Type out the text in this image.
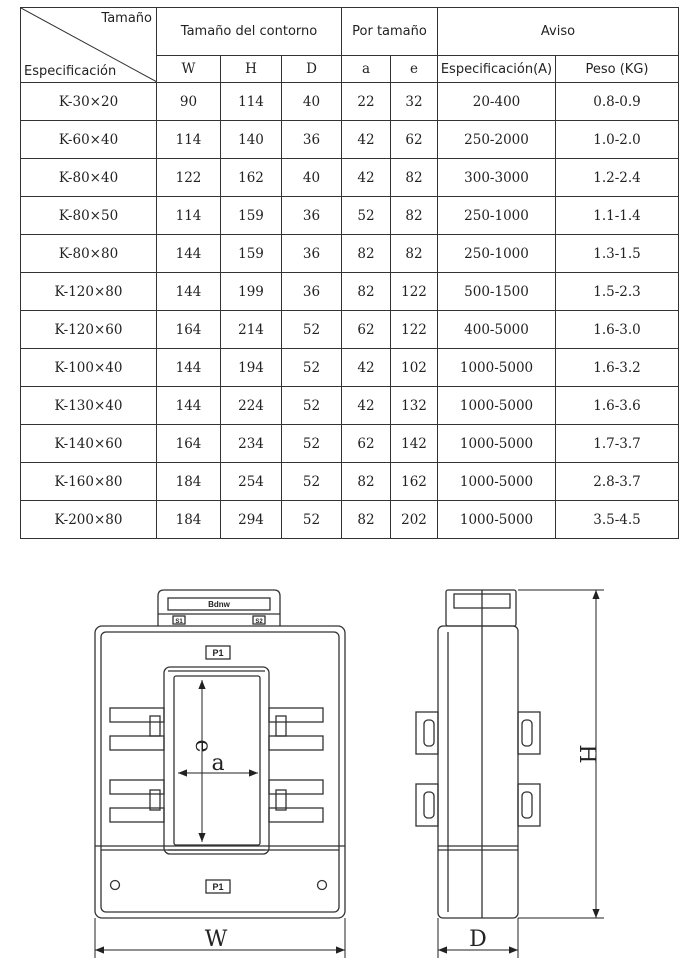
Tamaño
Especificación	Tamaño del contorno			Por tamaño		Aviso	
	W	H	D	a	e	Especificación(A)	Peso (KG)
K-30×20	90	114	40	22	32	20-400	0.8-0.9
K-60×40	114	140	36	42	62	250-2000	1.0-2.0
K-80×40	122	162	40	42	82	300-3000	1.2-2.4
K-80×50	114	159	36	52	82	250-1000	1.1-1.4
K-80×80	144	159	36	82	82	250-1000	1.3-1.5
K-120×80	144	199	36	82	122	500-1500	1.5-2.3
K-120×60	164	214	52	62	122	400-5000	1.6-3.0
K-100×40	144	194	52	42	102	1000-5000	1.6-3.2
K-130×40	144	224	52	42	132	1000-5000	1.6-3.6
K-140×60	164	234	52	62	142	1000-5000	1.7-3.7
K-160×80	184	254	52	82	162	1000-5000	2.8-3.7
K-200×80	184	294	52	82	202	1000-5000	3.5-4.5
P1
P1
S1	S2
Bdnw
e
a
W
H
D
